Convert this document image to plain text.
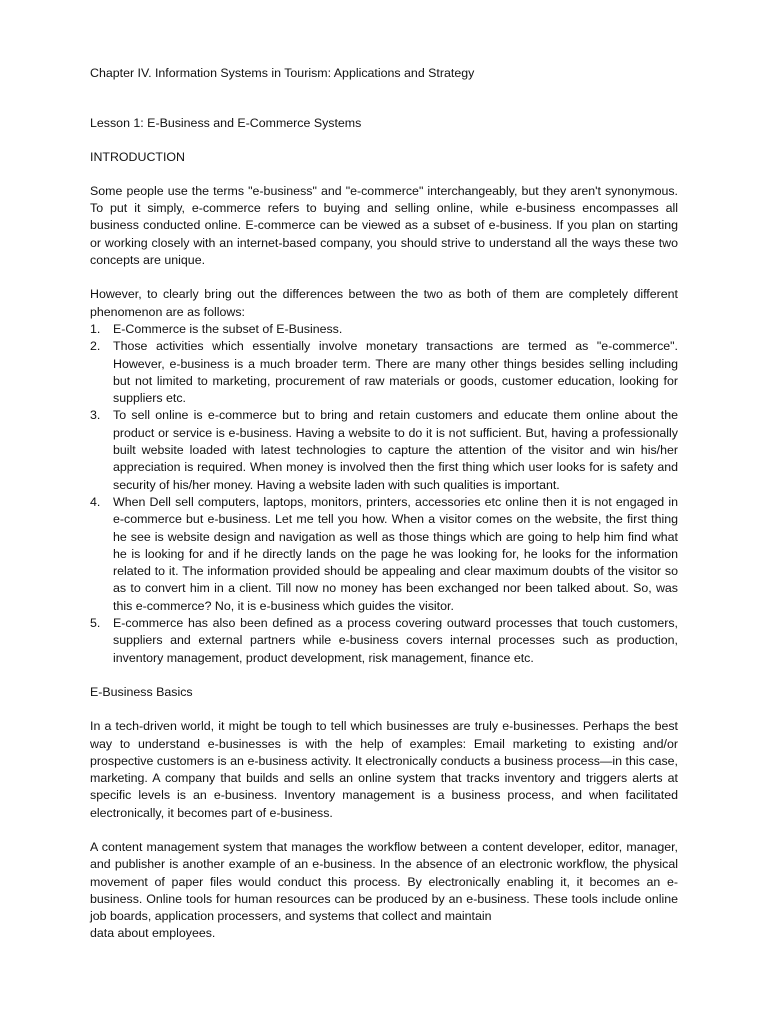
Chapter IV. Information Systems in Tourism: Applications and Strategy

Lesson 1: E-Business and E-Commerce Systems

INTRODUCTION

Some people use the terms "e-business" and "e-commerce" interchangeably, but they aren't synonymous. To put it simply, e-commerce refers to buying and selling online, while e-business encompasses all business conducted online. E-commerce can be viewed as a subset of e-business. If you plan on starting or working closely with an internet-based company, you should strive to understand all the ways these two concepts are unique.

However, to clearly bring out the differences between the two as both of them are completely different phenomenon are as follows:

1. E-Commerce is the subset of E-Business.
2. Those activities which essentially involve monetary transactions are termed as "e-commerce". However, e-business is a much broader term. There are many other things besides selling including but not limited to marketing, procurement of raw materials or goods, customer education, looking for suppliers etc.
3. To sell online is e-commerce but to bring and retain customers and educate them online about the product or service is e-business. Having a website to do it is not sufficient. But, having a professionally built website loaded with latest technologies to capture the attention of the visitor and win his/her appreciation is required. When money is involved then the first thing which user looks for is safety and security of his/her money. Having a website laden with such qualities is important.
4. When Dell sell computers, laptops, monitors, printers, accessories etc online then it is not engaged in e-commerce but e-business. Let me tell you how. When a visitor comes on the website, the first thing he see is website design and navigation as well as those things which are going to help him find what he is looking for and if he directly lands on the page he was looking for, he looks for the information related to it. The information provided should be appealing and clear maximum doubts of the visitor so as to convert him in a client. Till now no money has been exchanged nor been talked about. So, was this e-commerce? No, it is e-business which guides the visitor.
5. E-commerce has also been defined as a process covering outward processes that touch customers, suppliers and external partners while e-business covers internal processes such as production, inventory management, product development, risk management, finance etc.

E-Business Basics

In a tech-driven world, it might be tough to tell which businesses are truly e-businesses. Perhaps the best way to understand e-businesses is with the help of examples: Email marketing to existing and/or prospective customers is an e-business activity. It electronically conducts a business process—in this case, marketing. A company that builds and sells an online system that tracks inventory and triggers alerts at specific levels is an e-business. Inventory management is a business process, and when facilitated electronically, it becomes part of e-business.

A content management system that manages the workflow between a content developer, editor, manager, and publisher is another example of an e-business. In the absence of an electronic workflow, the physical movement of paper files would conduct this process. By electronically enabling it, it becomes an e-business. Online tools for human resources can be produced by an e-business. These tools include online job boards, application processers, and systems that collect and maintain

data about employees.
